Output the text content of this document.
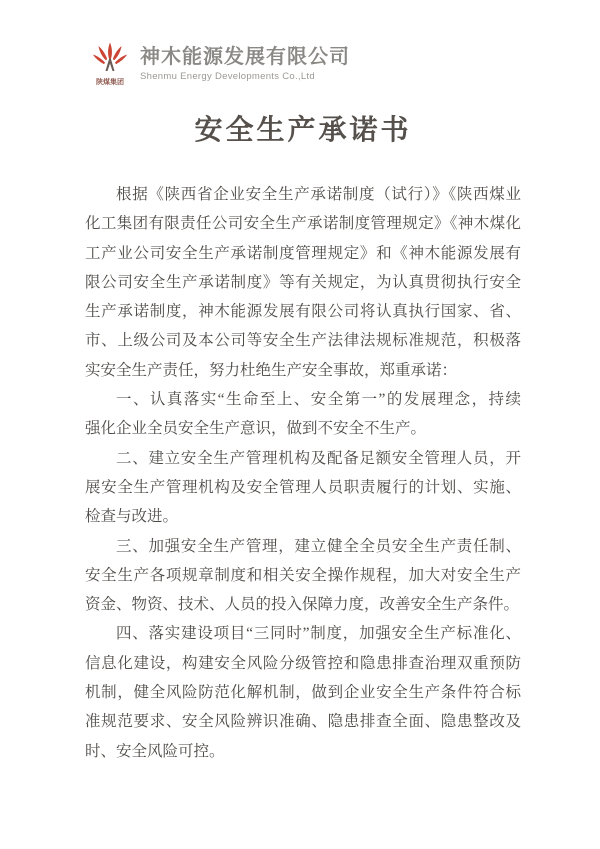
陕煤集团
神木能源发展有限公司
Shenmu Energy Developments Co.,Ltd
安全生产承诺书
根据《陕西省企业安全生产承诺制度（试行）》《陕西煤业
化工集团有限责任公司安全生产承诺制度管理规定》《神木煤化
工产业公司安全生产承诺制度管理规定》和《神木能源发展有
限公司安全生产承诺制度》等有关规定，为认真贯彻执行安全
生产承诺制度，神木能源发展有限公司将认真执行国家、省、
市、上级公司及本公司等安全生产法律法规标准规范，积极落
实安全生产责任，努力杜绝生产安全事故，郑重承诺：
一、认真落实“生命至上、安全第一”的发展理念，持续
强化企业全员安全生产意识，做到不安全不生产。
二、建立安全生产管理机构及配备足额安全管理人员，开
展安全生产管理机构及安全管理人员职责履行的计划、实施、
检查与改进。
三、加强安全生产管理，建立健全全员安全生产责任制、
安全生产各项规章制度和相关安全操作规程，加大对安全生产
资金、物资、技术、人员的投入保障力度，改善安全生产条件。
四、落实建设项目“三同时”制度，加强安全生产标准化、
信息化建设，构建安全风险分级管控和隐患排查治理双重预防
机制，健全风险防范化解机制，做到企业安全生产条件符合标
准规范要求、安全风险辨识准确、隐患排查全面、隐患整改及
时、安全风险可控。
